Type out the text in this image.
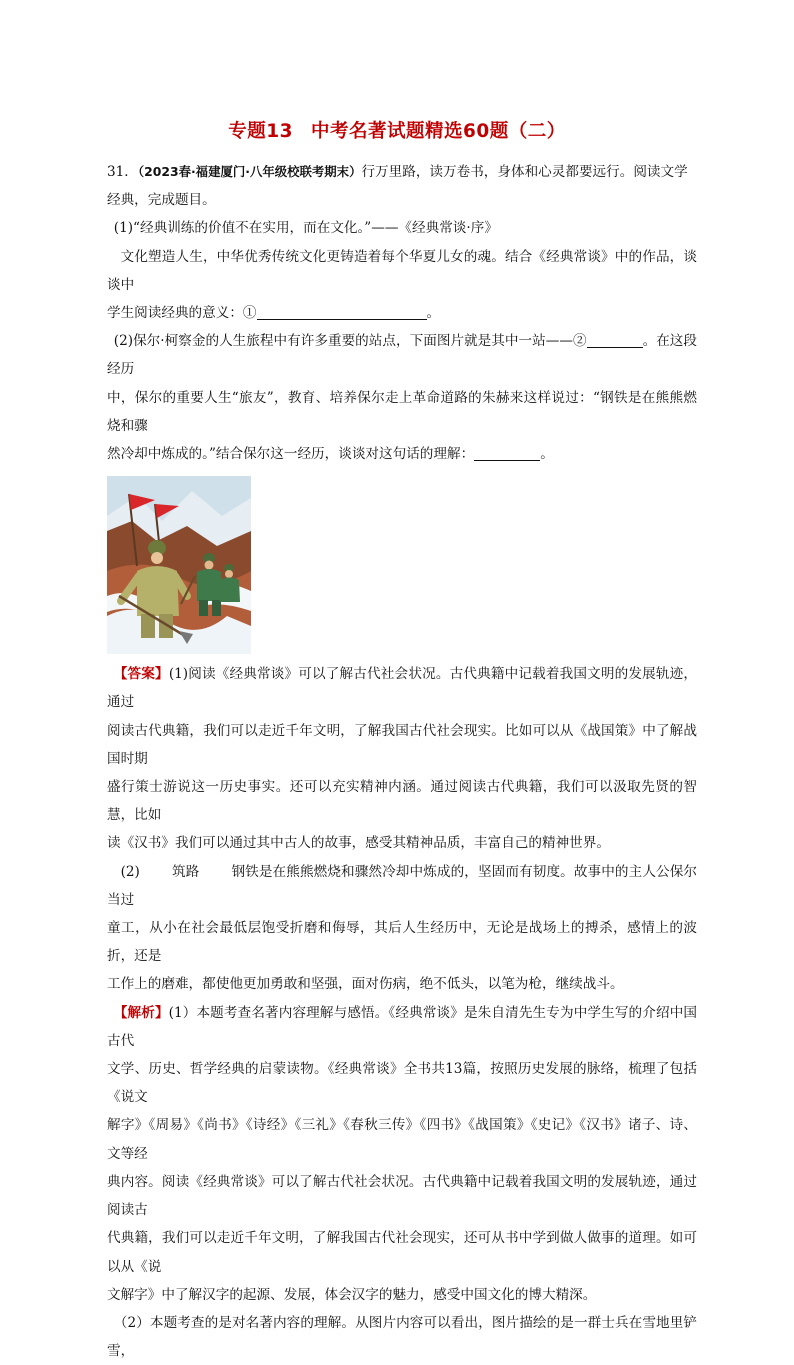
专题13 中考名著试题精选60题（二）

31．（2023春·福建厦门·八年级校联考期末）行万里路，读万卷书，身体和心灵都要远行。阅读文学
经典，完成题目。

(1)“经典训练的价值不在实用，而在文化。”——《经典常谈·序》

文化塑造人生，中华优秀传统文化更铸造着每个华夏儿女的魂。结合《经典常谈》中的作品，谈谈中
学生阅读经典的意义：①	。

(2)保尔·柯察金的人生旅程中有许多重要的站点，下面图片就是其中一站——②	。在这段经历
中，保尔的重要人生“旅友”，教育、培养保尔走上革命道路的朱赫来这样说过：“钢铁是在熊熊燃烧和骤
然冷却中炼成的。”结合保尔这一经历，谈谈对这句话的理解：	。

【答案】(1)阅读《经典常谈》可以了解古代社会状况。古代典籍中记载着我国文明的发展轨迹，通过
阅读古代典籍，我们可以走近千年文明，了解我国古代社会现实。比如可以从《战国策》中了解战国时期
盛行策士游说这一历史事实。还可以充实精神内涵。通过阅读古代典籍，我们可以汲取先贤的智慧，比如
读《汉书》我们可以通过其中古人的故事，感受其精神品质，丰富自己的精神世界。

(2) 筑路 钢铁是在熊熊燃烧和骤然冷却中炼成的，坚固而有韧度。故事中的主人公保尔当过
童工，从小在社会最低层饱受折磨和侮辱，其后人生经历中，无论是战场上的搏杀，感情上的波折，还是
工作上的磨难，都使他更加勇敢和坚强，面对伤病，绝不低头，以笔为枪，继续战斗。

【解析】(1）本题考查名著内容理解与感悟。《经典常谈》是朱自清先生专为中学生写的介绍中国古代
文学、历史、哲学经典的启蒙读物。《经典常谈》全书共13篇，按照历史发展的脉络，梳理了包括《说文
解字》《周易》《尚书》《诗经》《三礼》《春秋三传》《四书》《战国策》《史记》《汉书》诸子、诗、文等经
典内容。阅读《经典常谈》可以了解古代社会状况。古代典籍中记载着我国文明的发展轨迹，通过阅读古
代典籍，我们可以走近千年文明，了解我国古代社会现实，还可从书中学到做人做事的道理。如可以从《说
文解字》中了解汉字的起源、发展，体会汉字的魅力，感受中国文化的博大精深。

（2）本题考查的是对名著内容的理解。从图片内容可以看出，图片描绘的是一群士兵在雪地里铲雪，
